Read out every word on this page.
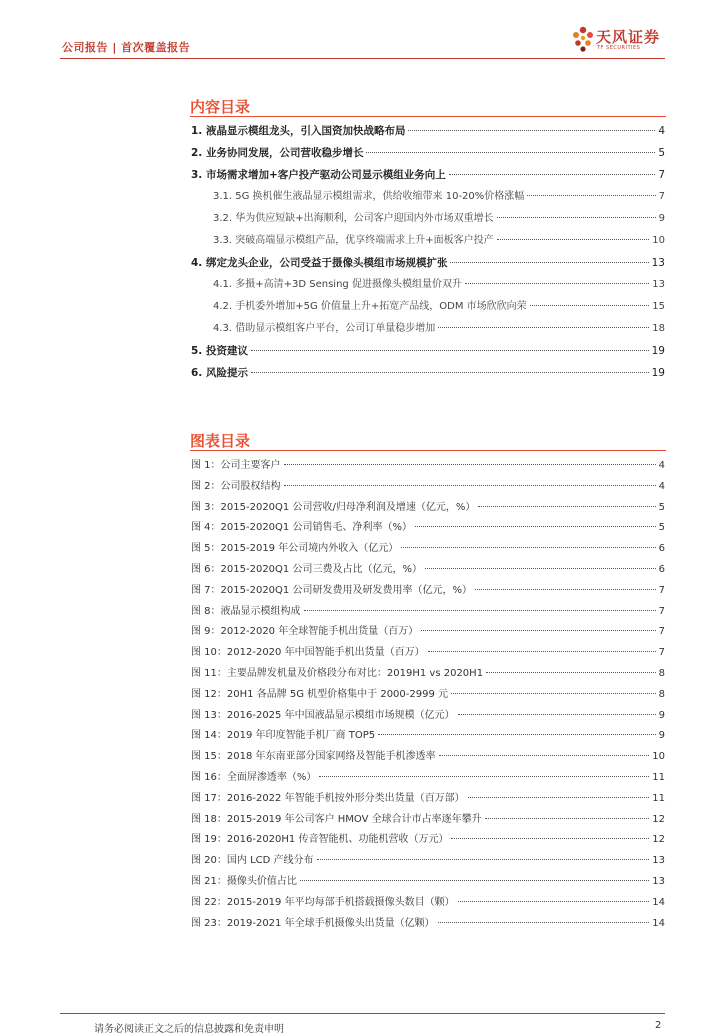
公司报告 | 首次覆盖报告
天风证券
TF SECURITIES
内容目录
1. 液晶显示模组龙头，引入国资加快战略布局	4
2. 业务协同发展，公司营收稳步增长	5
3. 市场需求增加+客户投产驱动公司显示模组业务向上	7
3.1. 5G 换机催生液晶显示模组需求，供给收缩带来 10-20%价格涨幅	7
3.2. 华为供应短缺+出海顺利，公司客户迎国内外市场双重增长	9
3.3. 突破高端显示模组产品，优享终端需求上升+面板客户投产	10
4. 绑定龙头企业，公司受益于摄像头模组市场规模扩张	13
4.1. 多摄+高清+3D Sensing 促进摄像头模组量价双升	13
4.2. 手机委外增加+5G 价值量上升+拓宽产品线，ODM 市场欣欣向荣	15
4.3. 借助显示模组客户平台，公司订单量稳步增加	18
5. 投资建议	19
6. 风险提示	19
图表目录
图 1：公司主要客户	4
图 2：公司股权结构	4
图 3：2015-2020Q1 公司营收/归母净利润及增速（亿元，%）	5
图 4：2015-2020Q1 公司销售毛、净利率（%）	5
图 5：2015-2019 年公司境内外收入（亿元）	6
图 6：2015-2020Q1 公司三费及占比（亿元，%）	6
图 7：2015-2020Q1 公司研发费用及研发费用率（亿元，%）	7
图 8：液晶显示模组构成	7
图 9：2012-2020 年全球智能手机出货量（百万）	7
图 10：2012-2020 年中国智能手机出货量（百万）	7
图 11：主要品牌发机量及价格段分布对比：2019H1 vs 2020H1	8
图 12：20H1 各品牌 5G 机型价格集中于 2000-2999 元	8
图 13：2016-2025 年中国液晶显示模组市场规模（亿元）	9
图 14：2019 年印度智能手机厂商 TOP5	9
图 15：2018 年东南亚部分国家网络及智能手机渗透率	10
图 16：全面屏渗透率（%）	11
图 17：2016-2022 年智能手机按外形分类出货量（百万部）	11
图 18：2015-2019 年公司客户 HMOV 全球合计市占率逐年攀升	12
图 19：2016-2020H1 传音智能机、功能机营收（万元）	12
图 20：国内 LCD 产线分布	13
图 21：摄像头价值占比	13
图 22：2015-2019 年平均每部手机搭载摄像头数目（颗）	14
图 23：2019-2021 年全球手机摄像头出货量（亿颗）	14
请务必阅读正文之后的信息披露和免责申明	2
